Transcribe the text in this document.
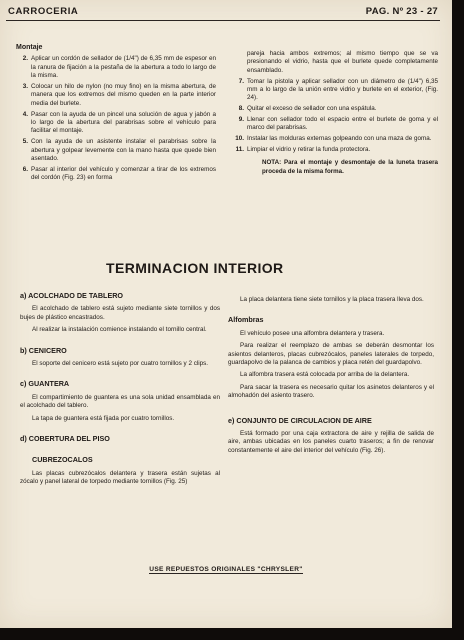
CARROCERIA	PAG. Nº 23 - 27
Montaje
2. Aplicar un cordón de sellador de (1/4") de 6,35 mm de espesor en la ranura de fijación a la pestaña de la abertura a todo lo largo de la misma.
3. Colocar un hilo de nylon (no muy fino) en la misma abertura, de manera que los extremos del mismo queden en la parte interior media del burlete.
4. Pasar con la ayuda de un pincel una solución de agua y jabón a lo largo de la abertura del parabrisas sobre el vehículo para facilitar el montaje.
5. Con la ayuda de un asistente instalar el parabrisas sobre la abertura y golpear levemente con la mano hasta que quede bien asentado.
6. Pasar al interior del vehículo y comenzar a tirar de los extremos del cordón (Fig. 23) en forma
pareja hacia ambos extremos; al mismo tiempo que se va presionando el vidrio, hasta que el burlete quede completamente ensamblado.
7. Tomar la pistola y aplicar sellador con un diámetro de (1/4") 6,35 mm a lo largo de la unión entre vidrio y burlete en el exterior, (Fig. 24).
8. Quitar el exceso de sellador con una espátula.
9. Llenar con sellador todo el espacio entre el burlete de goma y el marco del parabrisas.
10. Instalar las molduras externas golpeando con una maza de goma.
11. Limpiar el vidrio y retirar la funda protectora.
NOTA: Para el montaje y desmontaje de la luneta trasera proceda de la misma forma.
TERMINACION INTERIOR
a) ACOLCHADO DE TABLERO
El acolchado de tablero está sujeto mediante siete tornillos y dos bujes de plástico encastrados.
Al realizar la instalación comience instalando el tornillo central.
b) CENICERO
El soporte del cenicero está sujeto por cuatro tornillos y 2 clips.
c) GUANTERA
El compartimiento de guantera es una sola unidad ensamblada en el acolchado del tablero.
La tapa de guantera está fijada por cuatro tornillos.
d) COBERTURA DEL PISO
CUBREZOCALOS
Las placas cubrezócalos delantera y trasera están sujetas al zócalo y panel lateral de torpedo mediante tornillos (Fig. 25)
La placa delantera tiene siete tornillos y la placa trasera lleva dos.
Alfombras
El vehículo posee una alfombra delantera y trasera.
Para realizar el reemplazo de ambas se deberán desmontar los asientos delanteros, placas cubrezócalos, paneles laterales de torpedo, guardapolvo de la palanca de cambios y placa retén del guardapolvo.
La alfombra trasera está colocada por arriba de la delantera.
Para sacar la trasera es necesario quitar los asinetos delanteros y el almohadón del asiento trasero.
e) CONJUNTO DE CIRCULACION DE AIRE
Está formado por una caja extractora de aire y rejilla de salida de aire, ambas ubicadas en los paneles cuarto traseros; a fin de renovar constantemente el aire del interior del vehículo (Fig. 26).
USE REPUESTOS ORIGINALES "CHRYSLER"
